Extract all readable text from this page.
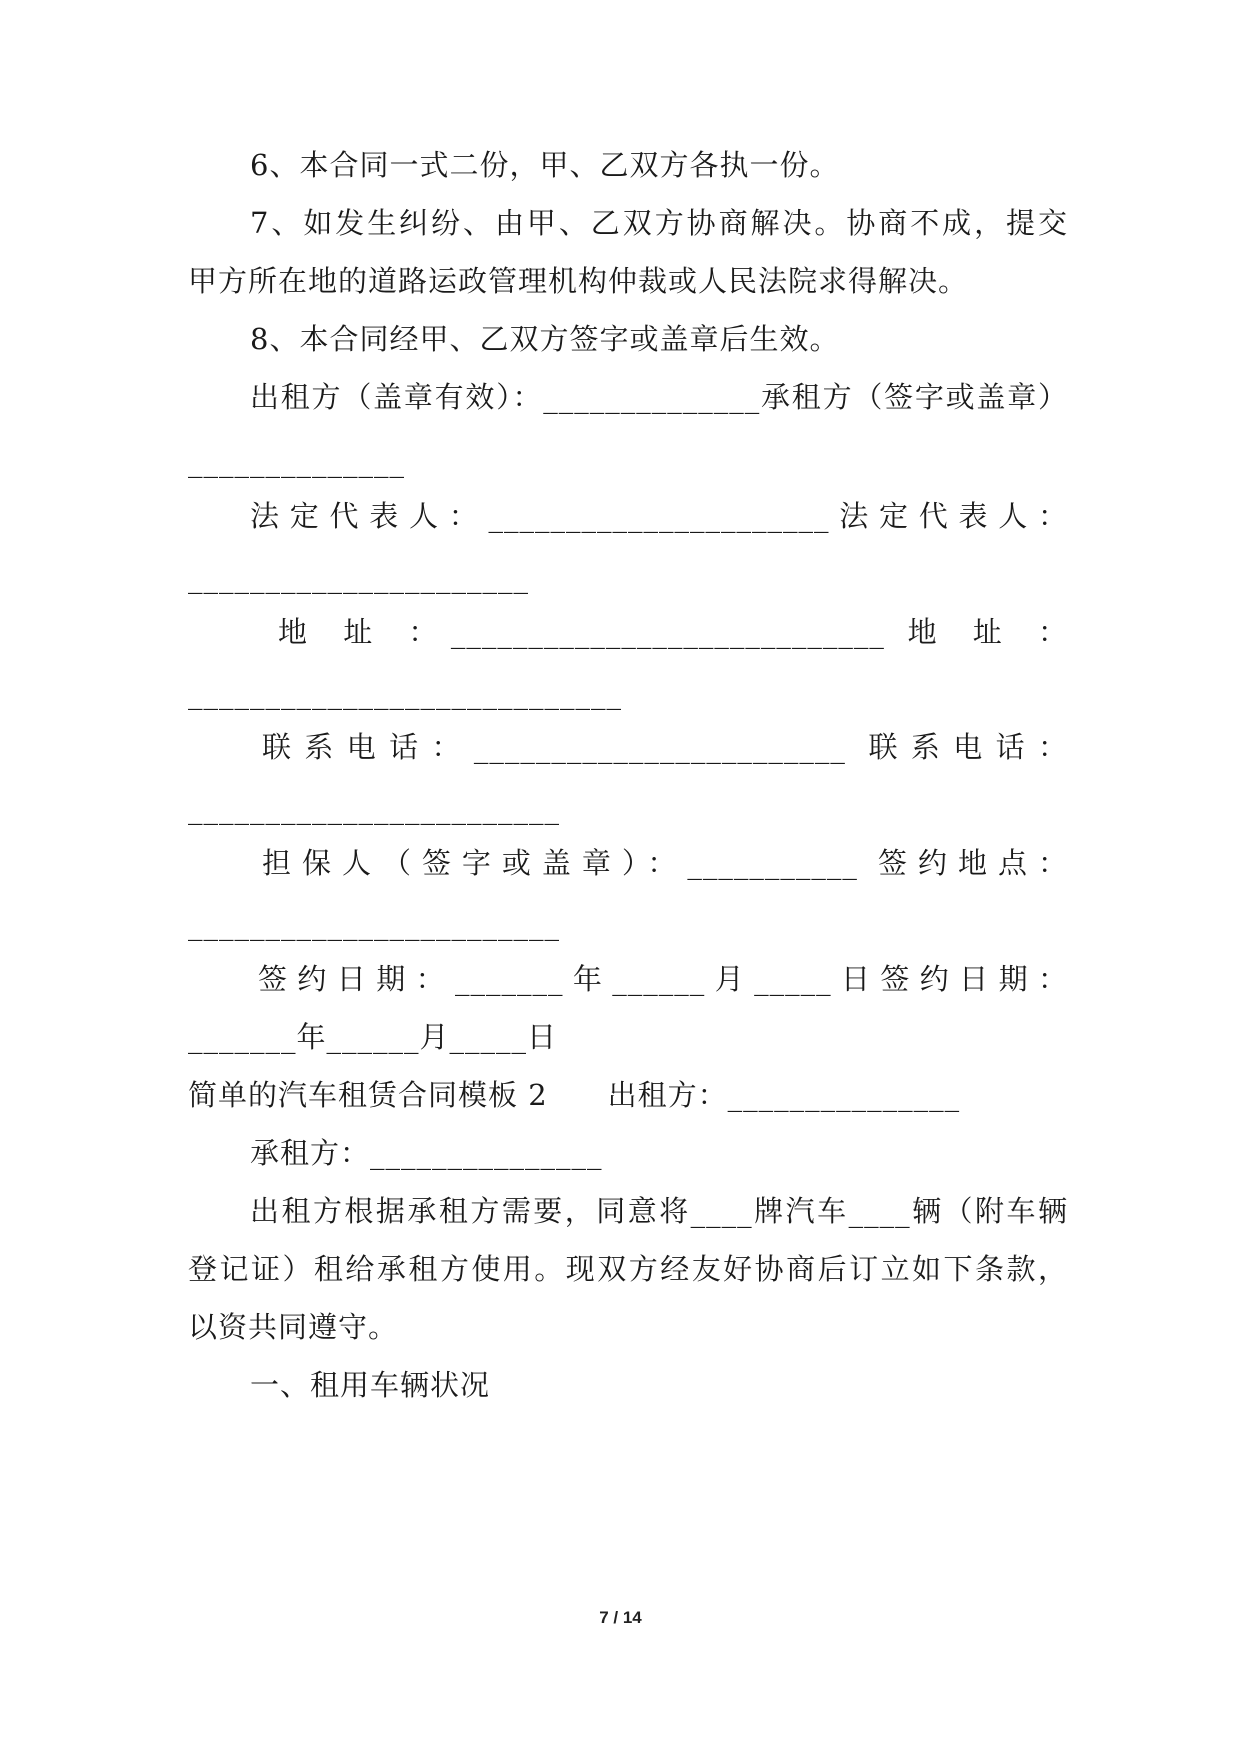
6、本合同一式二份，甲、乙双方各执一份。
7、如发生纠纷、由甲、乙双方协商解决。协商不成，提交
甲方所在地的道路运政管理机构仲裁或人民法院求得解决。
8、本合同经甲、乙双方签字或盖章后生效。
出租方（盖章有效）：______________承租方（签字或盖章）
______________
法定代表人：______________________法定代表人：
______________________
地 址 ：____________________________ 地 址 ：
____________________________
联系电话：________________________ 联系电话：
________________________
担保人（签字或盖章）：___________ 签约地点：
________________________
签约日期：_______年______月_____日签约日期：
_______年______月_____日
简单的汽车租赁合同模板 2　　出租方：_______________
承租方：_______________
出租方根据承租方需要，同意将____牌汽车____辆（附车辆
登记证）租给承租方使用。现双方经友好协商后订立如下条款，
以资共同遵守。
一、租用车辆状况
7 / 14
